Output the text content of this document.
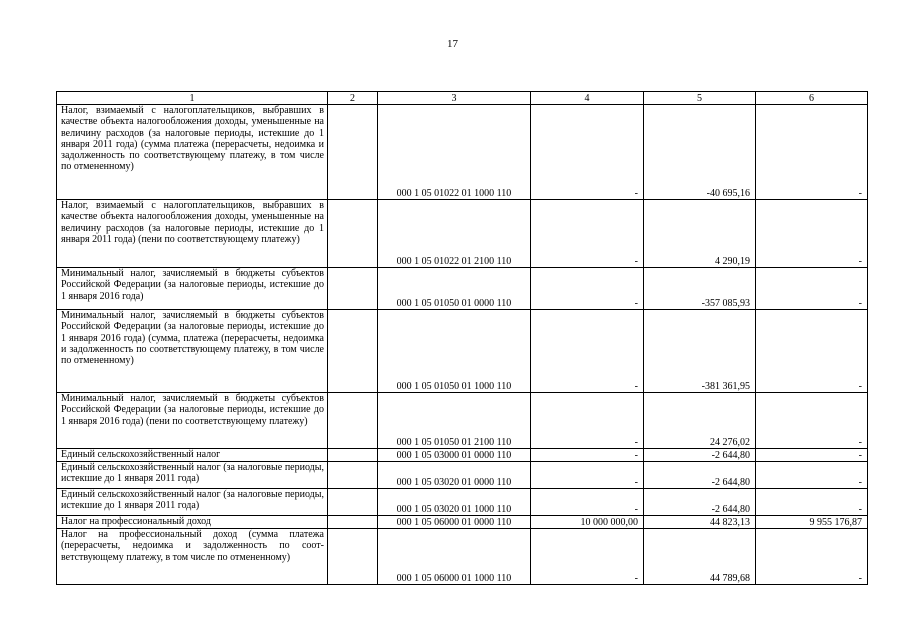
17
1	2	3	4	5	6
Налог, взимаемый с налогоплательщиков, выбравших в качестве объекта налогообложения доходы, уменьшенные на величину расходов (за налоговые периоды, истекшие до 1 января 2011 года) (сумма платежа (перерасчеты, недоимка и задолженность по соответствующему платежу, в том числе по отмененному)		000 1 05 01022 01 1000 110	-	-40 695,16	-
Налог, взимаемый с налогоплательщиков, выбравших в качестве объекта налогообложения доходы, уменьшенные на величину расходов (за налоговые периоды, истекшие до 1 января 2011 года) (пени по соответствующему платежу)		000 1 05 01022 01 2100 110	-	4 290,19	-
Минимальный налог, зачисляемый в бюджеты субъектов Российской Федерации (за налоговые периоды, истекшие до 1 января 2016 года)		000 1 05 01050 01 0000 110	-	-357 085,93	-
Минимальный налог, зачисляемый в бюджеты субъектов Российской Федерации (за налоговые периоды, истекшие до 1 января 2016 года) (сумма, платежа (перерасчеты, недоимка и задолженность по соответствующему платежу, в том числе по отмененному)		000 1 05 01050 01 1000 110	-	-381 361,95	-
Минимальный налог, зачисляемый в бюджеты субъектов Российской Федерации (за налоговые периоды, истекшие до 1 января 2016 года) (пени по соответствующему платежу)		000 1 05 01050 01 2100 110	-	24 276,02	-
Единый сельскохозяйственный налог		000 1 05 03000 01 0000 110	-	-2 644,80	-
Единый сельскохозяйственный налог (за налоговые периоды, истекшие до 1 января 2011 года)		000 1 05 03020 01 0000 110	-	-2 644,80	-
Единый сельскохозяйственный налог (за налоговые периоды, истекшие до 1 января 2011 года)		000 1 05 03020 01 1000 110	-	-2 644,80	-
Налог на профессиональный доход		000 1 05 06000 01 0000 110	10 000 000,00	44 823,13	9 955 176,87
Налог на профессиональный доход (сумма платежа (перерасчеты, недоимка и задолженность по соответствующему платежу, в том числе по отмененному)		000 1 05 06000 01 1000 110	-	44 789,68	-
